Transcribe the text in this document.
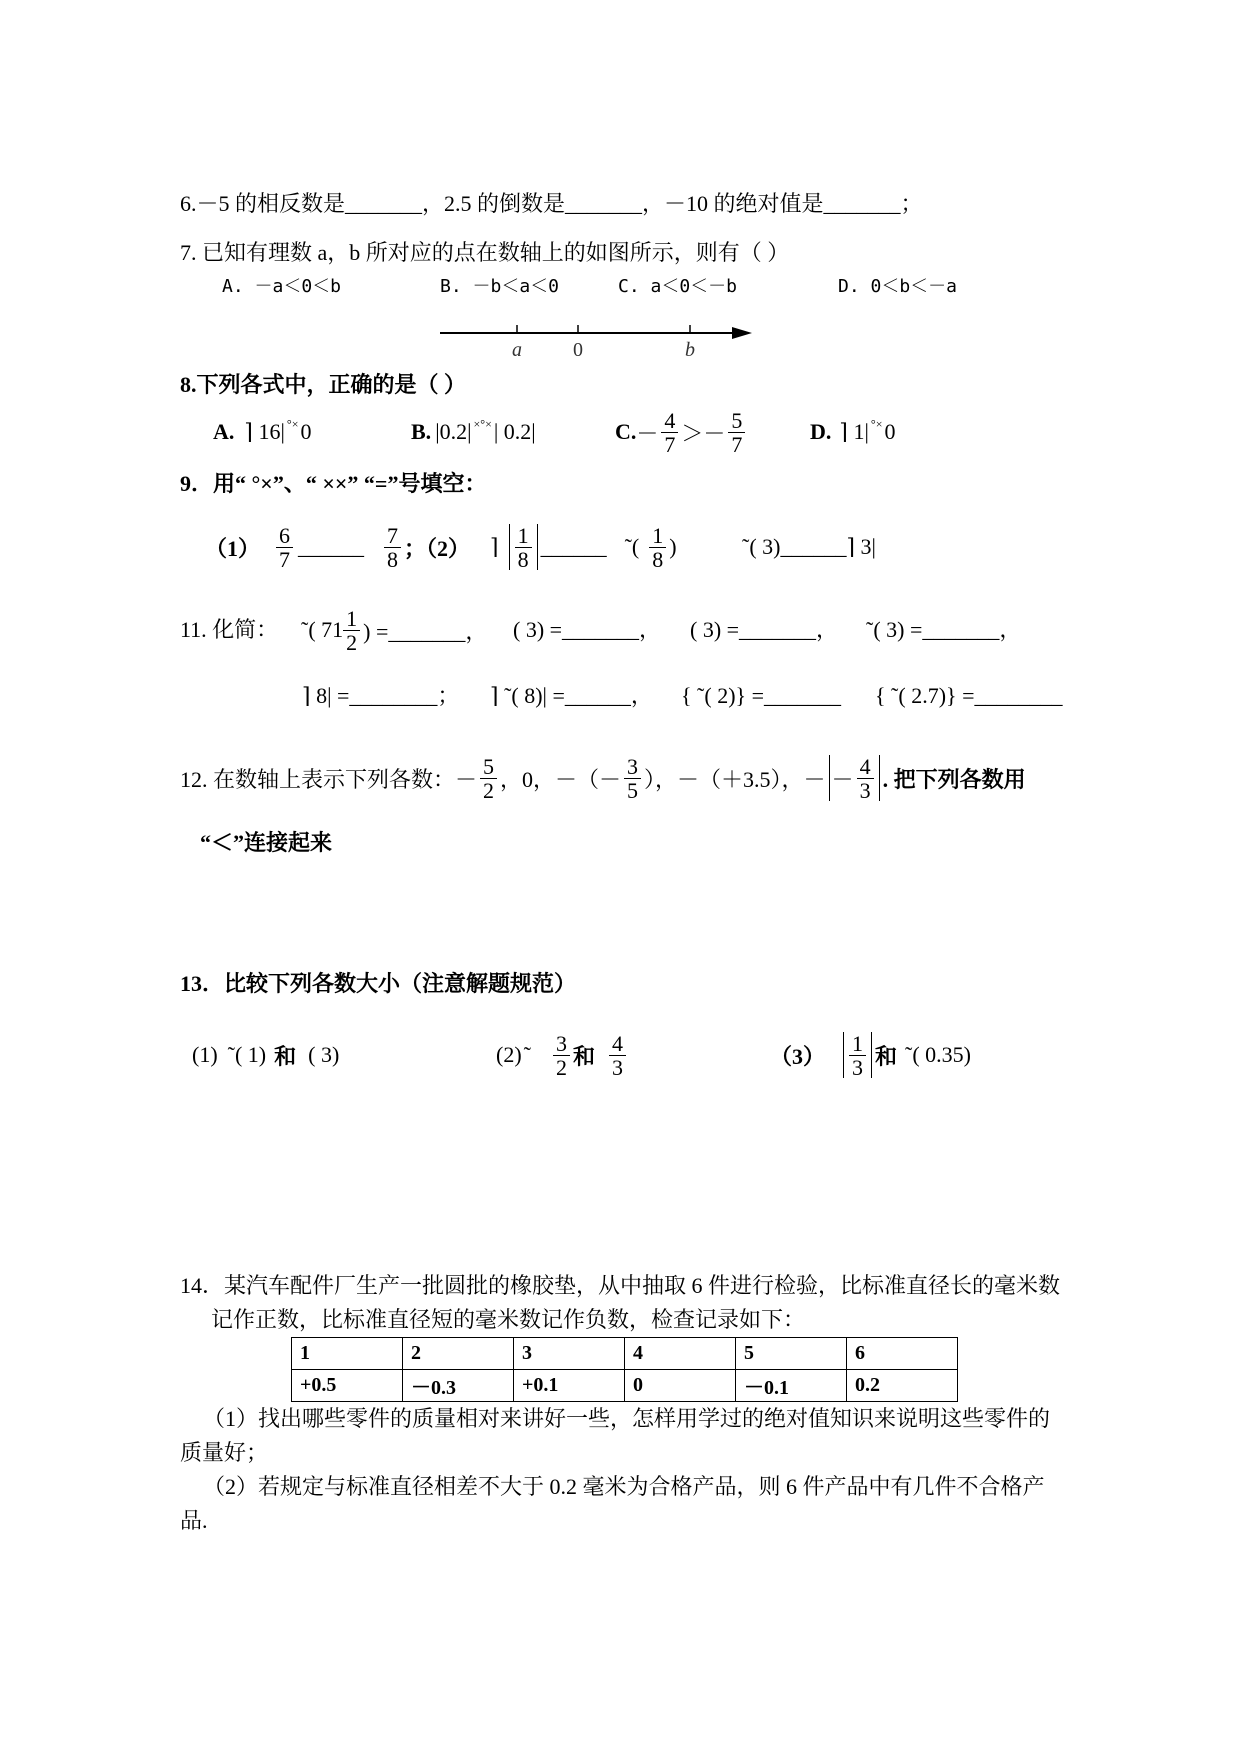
6.－5 的相反数是_______，2.5 的倒数是_______，－10 的绝对值是_______；
7. 已知有理数 a，b 所对应的点在数轴上的如图所示，则有（ ）
A. －a＜0＜b	B. －b＜a＜0	C. a＜0＜－b	D. 0＜b＜－a
a	0	b
8.下列各式中，正确的是（ ）
A. ⌉ 16| °× 0	B. |0.2| ×°× | 0.2|	C. － $\frac{4}{7} >- \frac{5}{7}$	D. ⌉ 1| °× 0
9．用“ °×”、“ ××” “=”号填空：
$(1) \frac{6}{7}$ ______ $\frac{7}{8}$ ；（2） ⌉ $\frac{1}{8}$ ______ ˜( $\frac{1}{8}$ )	˜( 3)______⌉ 3|
11. 化简： ˜( $71 \frac{1}{2}$ ) =_______， ( 3) =_______， ( 3) =_______， ˜( 3) =_______，
⌉ 8| =________； ⌉ ˜( 8)| =______， { ˜( 2)} =_______ { ˜( 2.7)} =________
12. 在数轴上表示下列各数：－ $\frac{5}{2}$ ，0，－（－ $\frac{3}{5}$ ），－（＋3.5），－ － $\frac{4}{3}$ . 把下列各数用
“＜”连接起来
13．比较下列各数大小（注意解题规范）
(1) ˜( 1) 和 ( 3)	(2) ˜ $\frac{3}{2}$ 和 $\frac{4}{3}$	$(3) \frac{1}{3}$ 和 ˜( 0.35)
14．某汽车配件厂生产一批圆批的橡胶垫，从中抽取 6 件进行检验，比标准直径长的毫米数
记作正数，比标准直径短的毫米数记作负数，检查记录如下：
1	2	3	4	5	6
+0.5	－0.3	+0.1	0	－0.1	0.2
（1）找出哪些零件的质量相对来讲好一些，怎样用学过的绝对值知识来说明这些零件的
质量好；
（2）若规定与标准直径相差不大于 0.2 毫米为合格产品，则 6 件产品中有几件不合格产
品.
